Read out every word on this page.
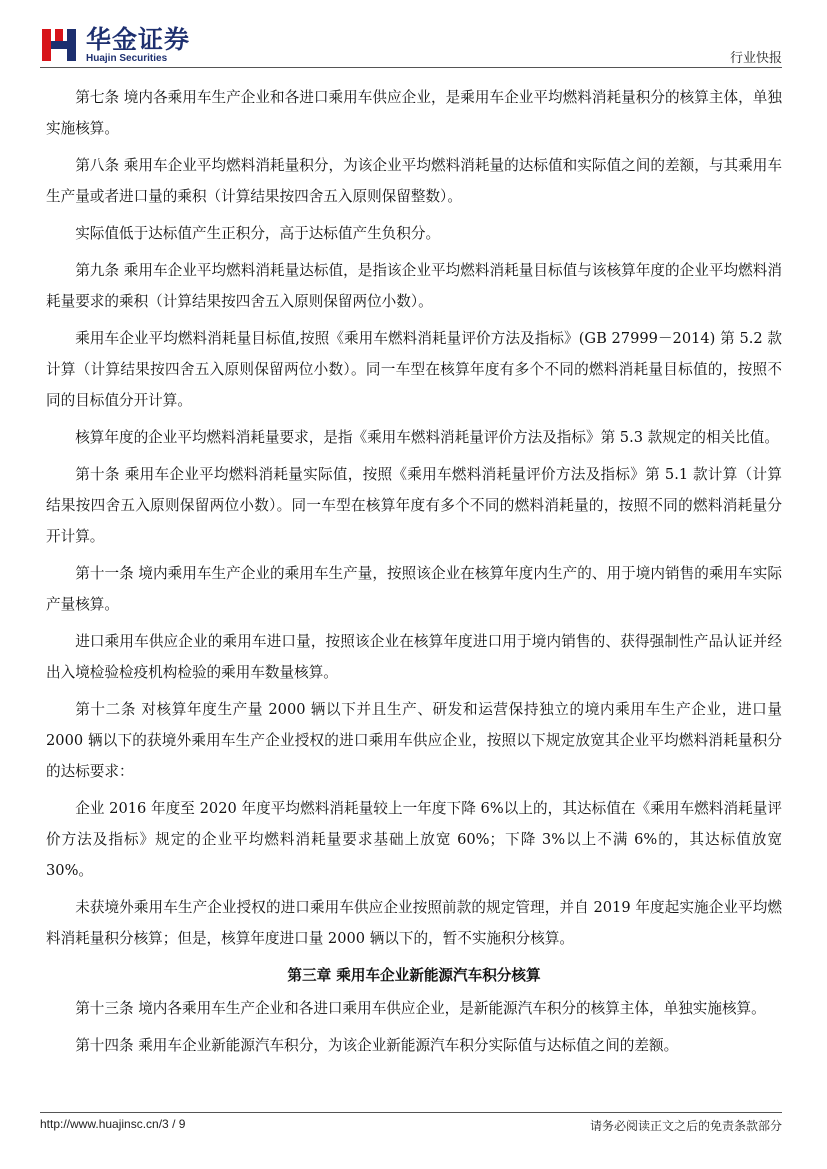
华金证券
Huajin Securities	行业快报

第七条 境内各乘用车生产企业和各进口乘用车供应企业，是乘用车企业平均燃料消耗量积分的核算主体，单独实施核算。

第八条 乘用车企业平均燃料消耗量积分，为该企业平均燃料消耗量的达标值和实际值之间的差额，与其乘用车生产量或者进口量的乘积（计算结果按四舍五入原则保留整数）。

实际值低于达标值产生正积分，高于达标值产生负积分。

第九条 乘用车企业平均燃料消耗量达标值，是指该企业平均燃料消耗量目标值与该核算年度的企业平均燃料消耗量要求的乘积（计算结果按四舍五入原则保留两位小数）。

乘用车企业平均燃料消耗量目标值,按照《乘用车燃料消耗量评价方法及指标》(GB 27999－2014) 第 5.2 款计算（计算结果按四舍五入原则保留两位小数）。同一车型在核算年度有多个不同的燃料消耗量目标值的，按照不同的目标值分开计算。

核算年度的企业平均燃料消耗量要求，是指《乘用车燃料消耗量评价方法及指标》第 5.3 款规定的相关比值。

第十条 乘用车企业平均燃料消耗量实际值，按照《乘用车燃料消耗量评价方法及指标》第 5.1 款计算（计算结果按四舍五入原则保留两位小数）。同一车型在核算年度有多个不同的燃料消耗量的，按照不同的燃料消耗量分开计算。

第十一条 境内乘用车生产企业的乘用车生产量，按照该企业在核算年度内生产的、用于境内销售的乘用车实际产量核算。

进口乘用车供应企业的乘用车进口量，按照该企业在核算年度进口用于境内销售的、获得强制性产品认证并经出入境检验检疫机构检验的乘用车数量核算。

第十二条 对核算年度生产量 2000 辆以下并且生产、研发和运营保持独立的境内乘用车生产企业，进口量 2000 辆以下的获境外乘用车生产企业授权的进口乘用车供应企业，按照以下规定放宽其企业平均燃料消耗量积分的达标要求：

企业 2016 年度至 2020 年度平均燃料消耗量较上一年度下降 6%以上的，其达标值在《乘用车燃料消耗量评价方法及指标》规定的企业平均燃料消耗量要求基础上放宽 60%；下降 3%以上不满 6%的，其达标值放宽 30%。

未获境外乘用车生产企业授权的进口乘用车供应企业按照前款的规定管理，并自 2019 年度起实施企业平均燃料消耗量积分核算；但是，核算年度进口量 2000 辆以下的，暂不实施积分核算。

第三章 乘用车企业新能源汽车积分核算

第十三条 境内各乘用车生产企业和各进口乘用车供应企业，是新能源汽车积分的核算主体，单独实施核算。

第十四条 乘用车企业新能源汽车积分，为该企业新能源汽车积分实际值与达标值之间的差额。

http://www.huajinsc.cn/3 / 9	请务必阅读正文之后的免责条款部分
